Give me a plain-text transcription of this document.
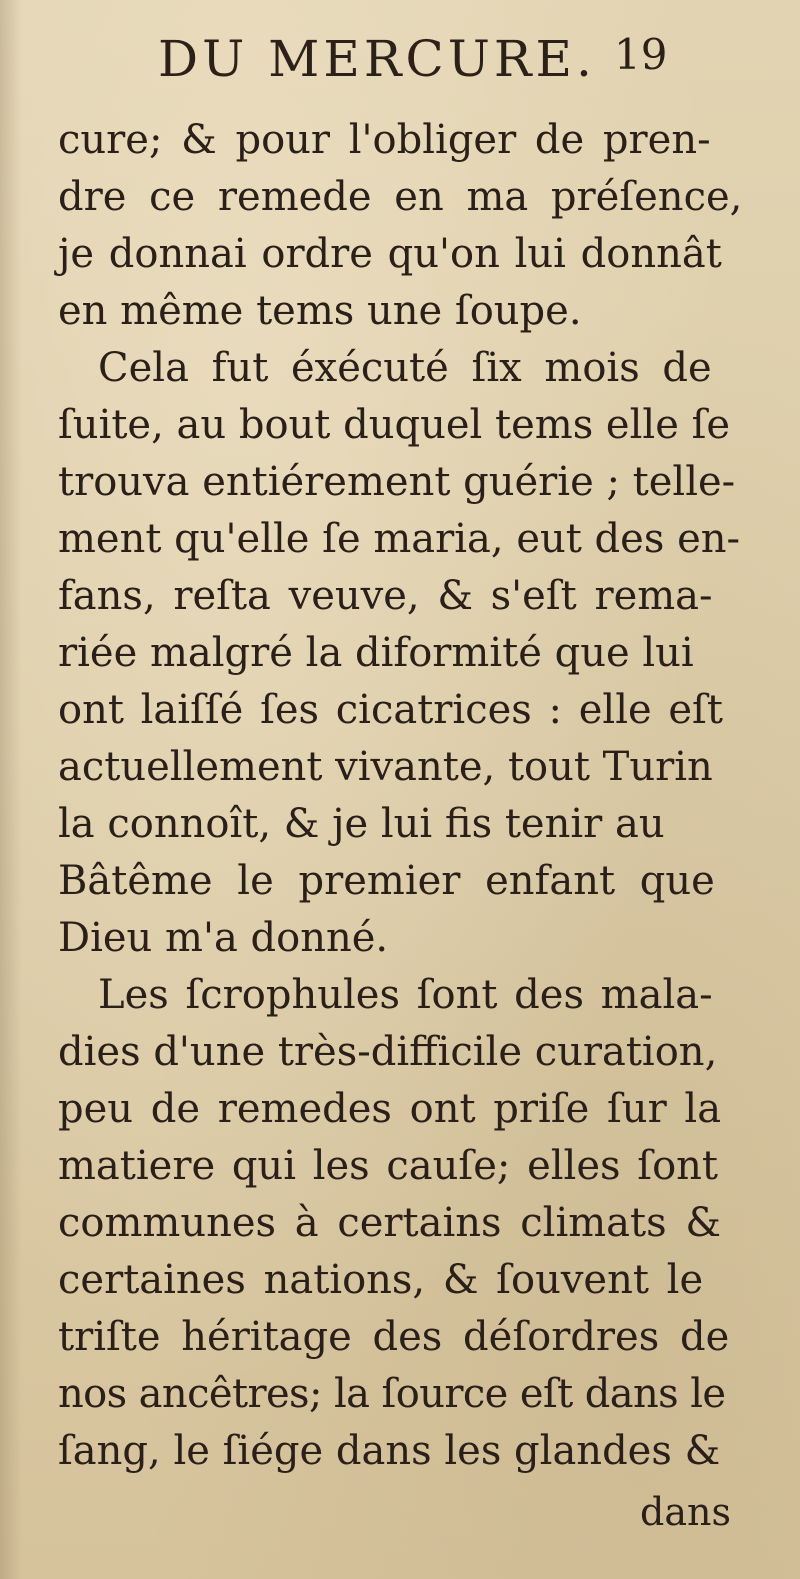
DU MERCURE. 19
cure; & pour l'obliger de pren-
dre ce remede en ma préſence,
je donnai ordre qu'on lui donnât
en même tems une ſoupe.
Cela fut éxécuté ſix mois de
ſuite, au bout duquel tems elle ſe
trouva entiérement guérie ; telle-
ment qu'elle ſe maria, eut des en-
fans, reſta veuve, & s'eſt rema-
riée malgré la diformité que lui
ont laiſſé ſes cicatrices : elle eſt
actuellement vivante, tout Turin
la connoît, & je lui fis tenir au
Bâtême le premier enfant que
Dieu m'a donné.
Les ſcrophules ſont des mala-
dies d'une très-difficile curation,
peu de remedes ont priſe ſur la
matiere qui les cauſe; elles ſont
communes à certains climats &
certaines nations, & ſouvent le
triſte héritage des déſordres de
nos ancêtres; la ſource eſt dans le
ſang, le ſiége dans les glandes &
dans
